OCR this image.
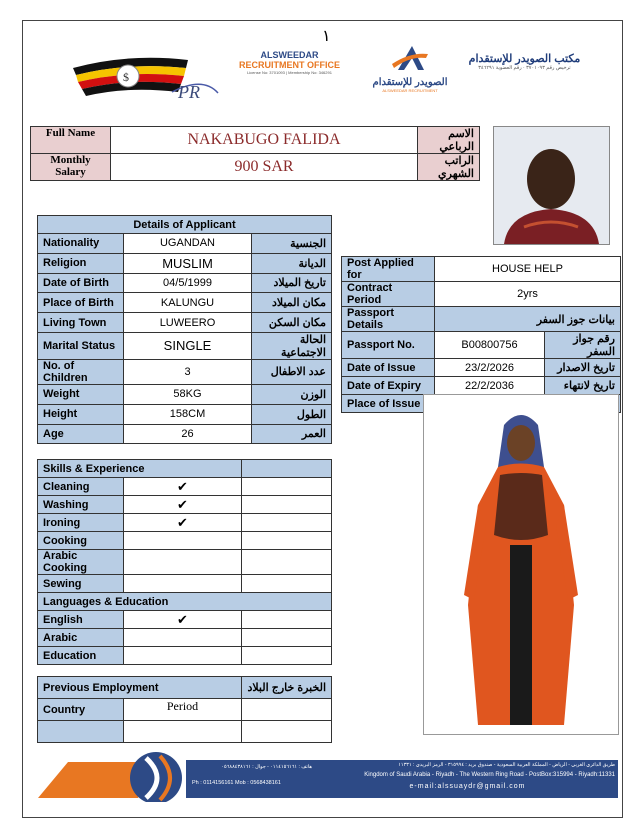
١
$
PR
ALSWEEDAR
RECRUITMENT OFFICE
License No: 3701093 | Membership No: 346291
الصويدر للإستقدام
ALSWEEDAR RECRUITMENT
مكتب الصويدر للإستقدام
ترخيص رقم ٣٧٠١٠٩٣ · رقم العضوية ٣٤٦٢٩١
Full Name	NAKABUGO FALIDA	الاسم الرباعي
Monthly Salary	900 SAR	الراتب الشهري
Details of Applicant		
Nationality	UGANDAN	الجنسية
Religion	MUSLIM	الديانة
Date of Birth	04/5/1999	تاريخ الميلاد
Place of Birth	KALUNGU	مكان الميلاد
Living Town	LUWEERO	مكان السكن
Marital Status	SINGLE	الحالة الاجتماعية
No. of Children	3	عدد الاطفال
Weight	58KG	الوزن
Height	158CM	الطول
Age	26	العمر
Post Applied for	HOUSE HELP	
Contract Period	2yrs	
Passport Details	بيانات جوز السفر	
Passport No.	B00800756	رقم جواز السفر
Date of Issue	23/2/2026	تاريخ الاصدار
Date of Expiry	22/2/2036	تاريخ لانتهاء
Place of Issue		
Skills & Experience		
Cleaning	✔	
Washing	✔	
Ironing	✔	
Cooking		
Arabic Cooking		
Sewing		
Languages & Education		
English	✔	
Arabic		
Education		
Previous Employment		الخبرة خارج البلاد
Country	Period	

هاتف : ٠١١٤١٥٦١٦١ - جوال : ٠٥٦٨٨٤٣٨١٦١
Ph : 0114156161 Mob : 0568438161
طريق الدائري الغربي - الرياض - المملكة العربية السعودية - صندوق بريد : ٣١٥٩٩٤ - الرمز البريدي : ١١٣٣١
Kingdom of Saudi Arabia - Riyadh - The Western Ring Road - PostBox:315994 - Riyadh:11331
e-mail:alssuaydr@gmail.com
